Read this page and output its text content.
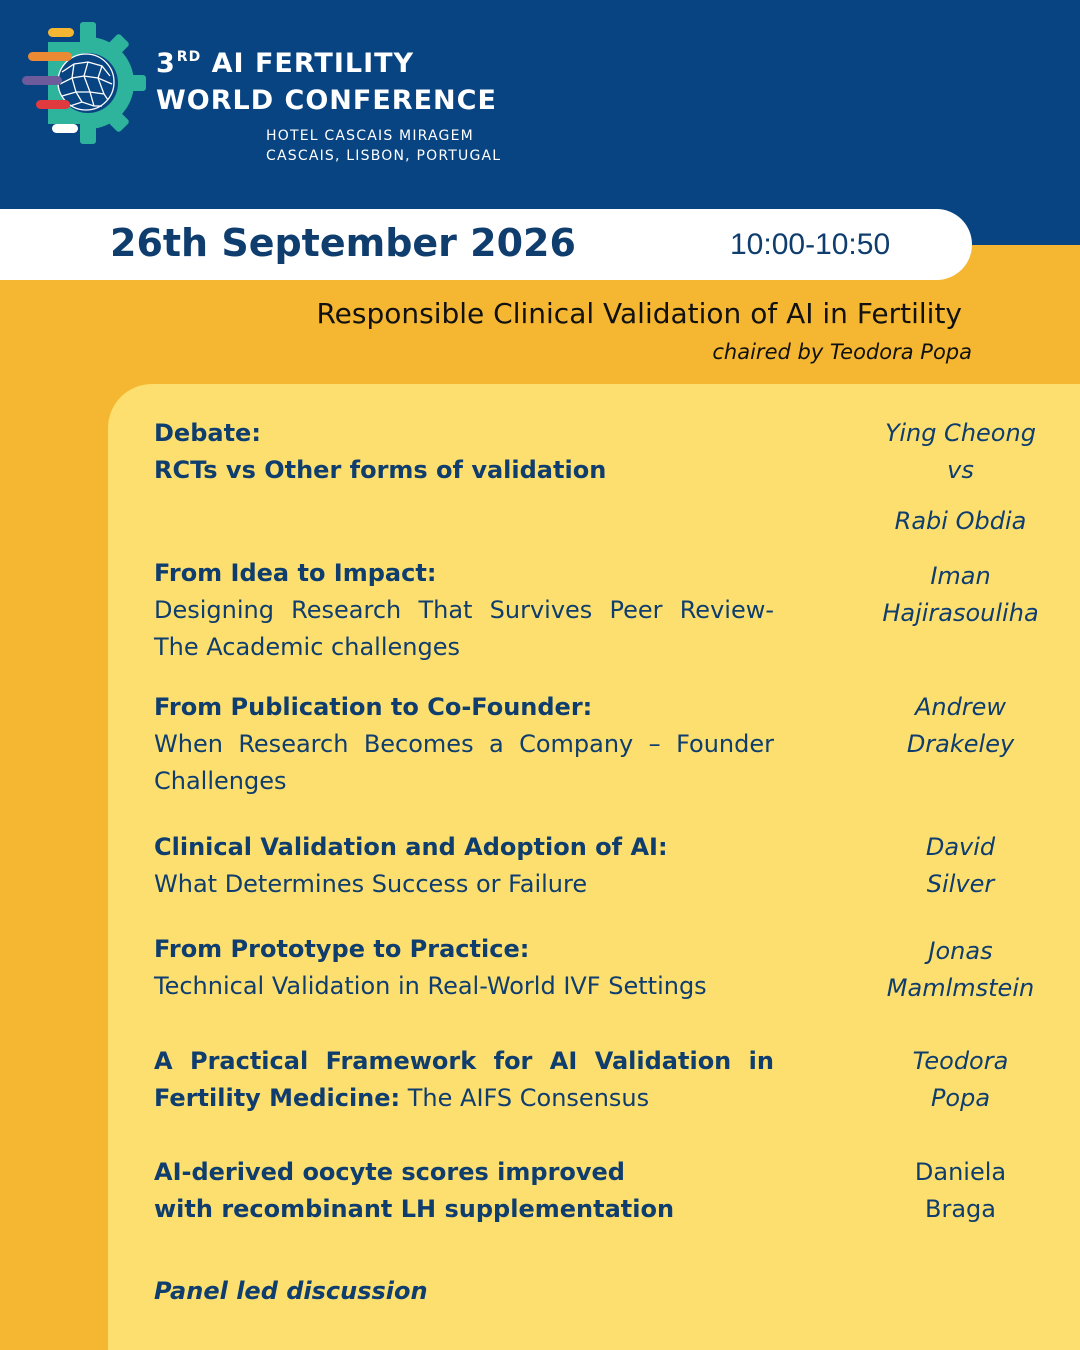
3RD AI FERTILITY
WORLD CONFERENCE
HOTEL CASCAIS MIRAGEM
CASCAIS, LISBON, PORTUGAL
26th September 2026	10:00-10:50
Responsible Clinical Validation of AI in Fertility
chaired by Teodora Popa
Debate:
RCTs vs Other forms of validation
Ying Cheong
vs
Rabi Obdia
From Idea to Impact:
Designing Research That Survives Peer Review- The Academic challenges
Iman
Hajirasouliha
From Publication to Co-Founder:
When Research Becomes a Company – Founder Challenges
Andrew
Drakeley
Clinical Validation and Adoption of AI:
What Determines Success or Failure
David
Silver
From Prototype to Practice:
Technical Validation in Real-World IVF Settings
Jonas
Mamlmstein
A Practical Framework for AI Validation in Fertility Medicine: The AIFS Consensus
Teodora
Popa
AI-derived oocyte scores improved
with recombinant LH supplementation
Daniela
Braga
Panel led discussion
